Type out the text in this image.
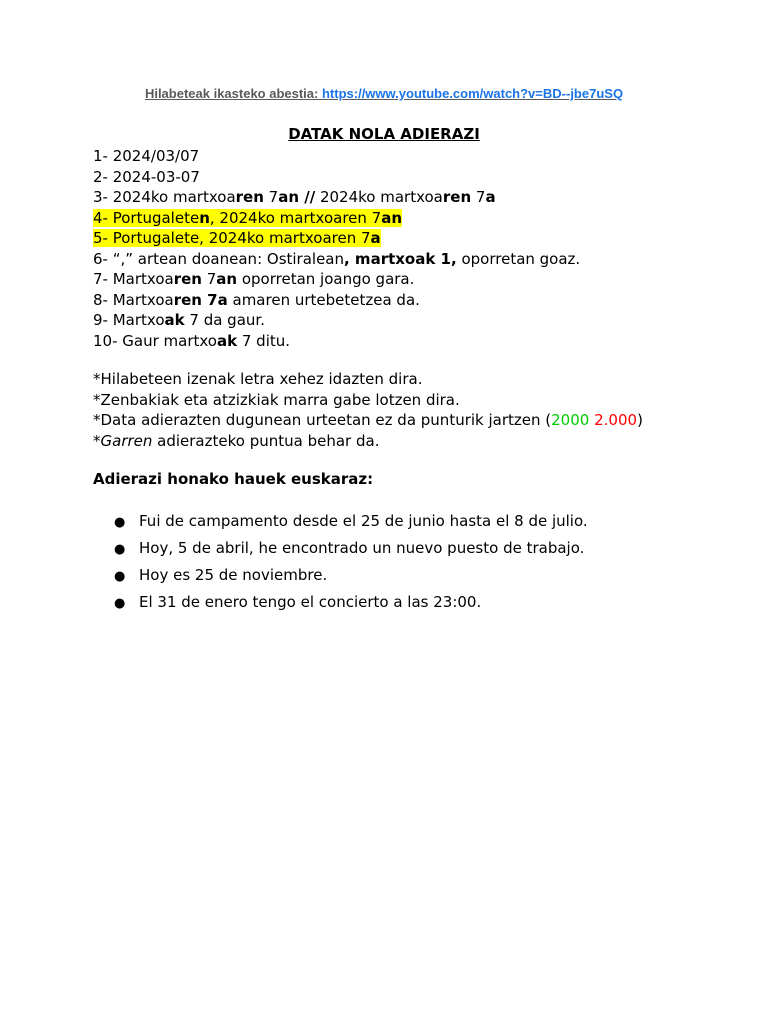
Hilabeteak ikasteko abestia: https://www.youtube.com/watch?v=BD--jbe7uSQ
DATAK NOLA ADIERAZI
1- 2024/03/07
2- 2024-03-07
3- 2024ko martxoaren 7an // 2024ko martxoaren 7a
4- Portugaleten, 2024ko martxoaren 7an
5- Portugalete, 2024ko martxoaren 7a
6- “,” artean doanean: Ostiralean, martxoak 1, oporretan goaz.
7- Martxoaren 7an oporretan joango gara.
8- Martxoaren 7a amaren urtebetetzea da.
9- Martxoak 7 da gaur.
10- Gaur martxoak 7 ditu.
*Hilabeteen izenak letra xehez idazten dira.
*Zenbakiak eta atzizkiak marra gabe lotzen dira.
*Data adierazten dugunean urteetan ez da punturik jartzen (2000 2.000)
*Garren adierazteko puntua behar da.
Adierazi honako hauek euskaraz:
● Fui de campamento desde el 25 de junio hasta el 8 de julio.
● Hoy, 5 de abril, he encontrado un nuevo puesto de trabajo.
● Hoy es 25 de noviembre.
● El 31 de enero tengo el concierto a las 23:00.
